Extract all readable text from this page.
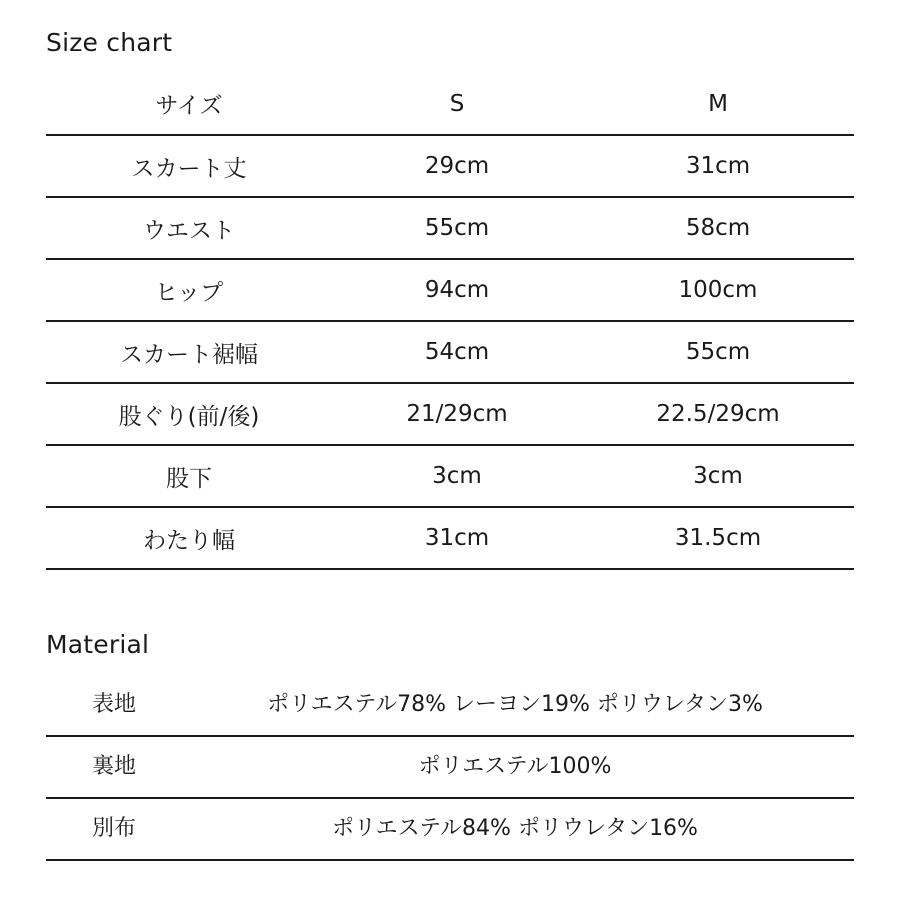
Size chart
サイズ	S	M
スカート丈	29cm	31cm
ウエスト	55cm	58cm
ヒップ	94cm	100cm
スカート裾幅	54cm	55cm
股ぐり(前/後)	21/29cm	22.5/29cm
股下	3cm	3cm
わたり幅	31cm	31.5cm
Material
表地	ポリエステル78% レーヨン19% ポリウレタン3%
裏地	ポリエステル100%
別布	ポリエステル84% ポリウレタン16%
